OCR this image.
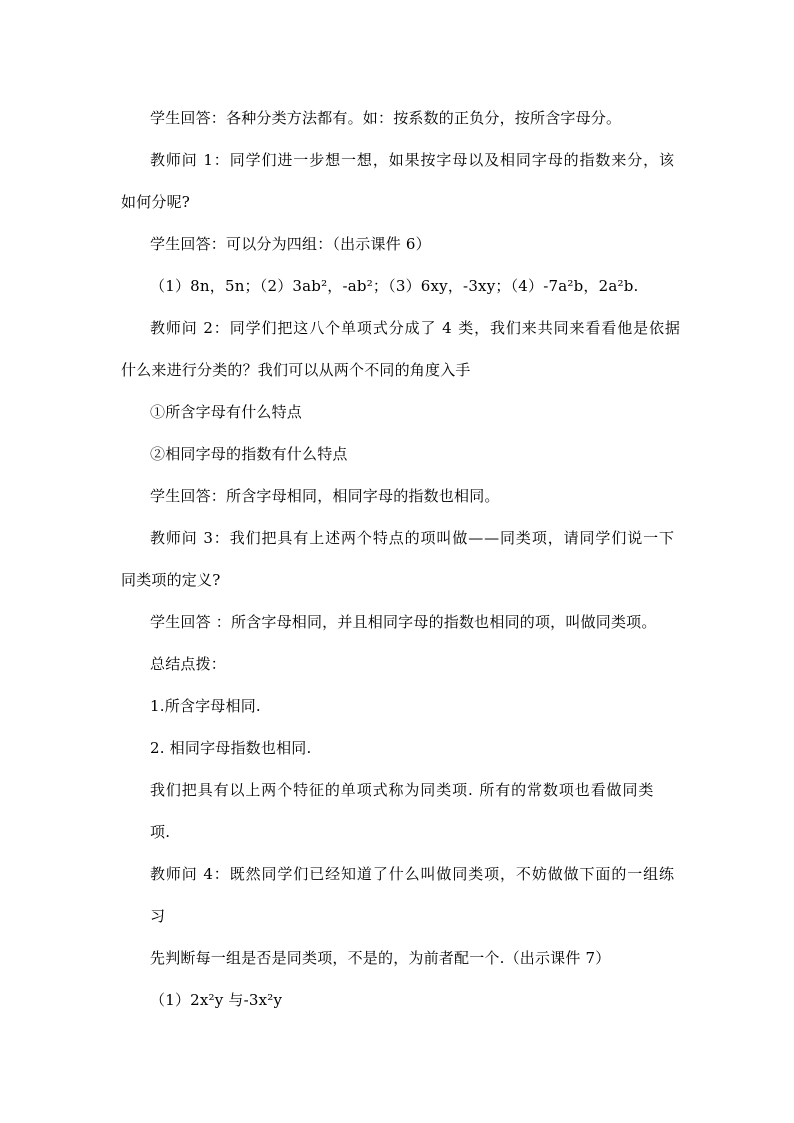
学生回答：各种分类方法都有。如：按系数的正负分，按所含字母分。
教师问 1：同学们进一步想一想，如果按字母以及相同字母的指数来分，该
如何分呢?
学生回答：可以分为四组：（出示课件 6）
（1）8n，5n；（2）3ab²，-ab²；（3）6xy，-3xy；（4）-7a²b，2a²b.
教师问 2：同学们把这八个单项式分成了 4 类，我们来共同来看看他是依据
什么来进行分类的？我们可以从两个不同的角度入手
①所含字母有什么特点
②相同字母的指数有什么特点
学生回答：所含字母相同，相同字母的指数也相同。
教师问 3：我们把具有上述两个特点的项叫做——同类项，请同学们说一下
同类项的定义?
学生回答 ：所含字母相同，并且相同字母的指数也相同的项，叫做同类项。
总结点拨：
1.所含字母相同.
2. 相同字母指数也相同.
我们把具有以上两个特征的单项式称为同类项. 所有的常数项也看做同类
项.
教师问 4：既然同学们已经知道了什么叫做同类项，不妨做做下面的一组练
习
先判断每一组是否是同类项，不是的，为前者配一个.（出示课件 7）
（1）2x²y 与-3x²y
